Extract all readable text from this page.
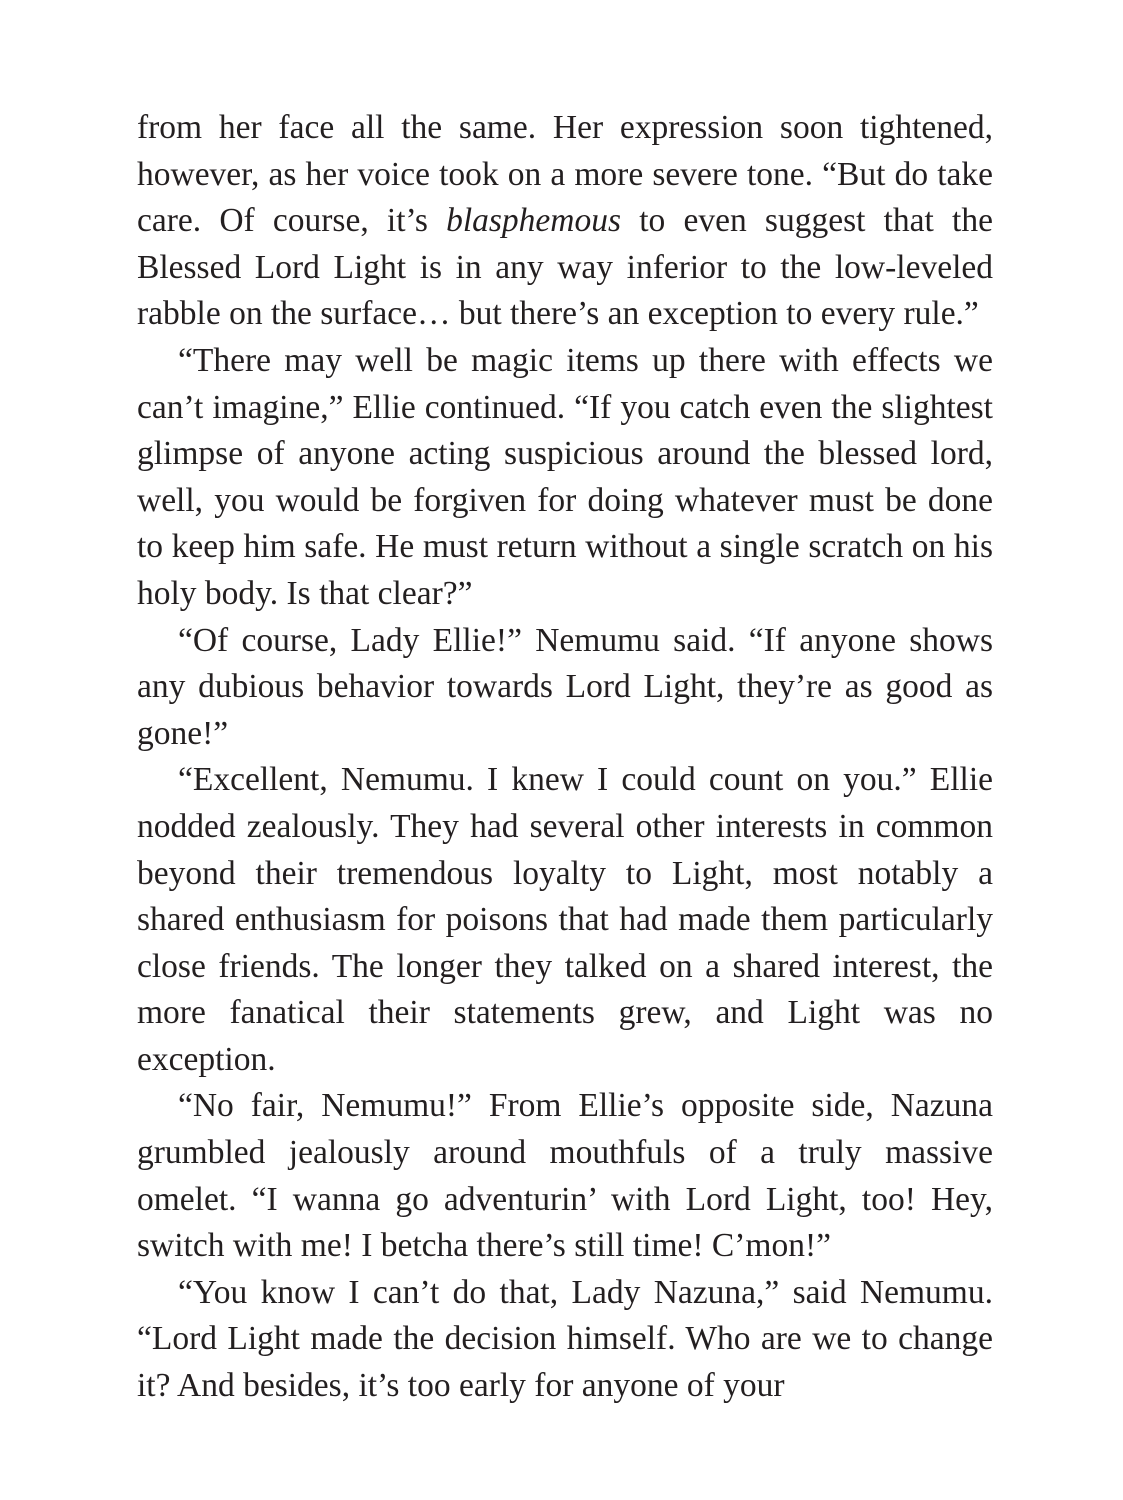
from her face all the same. Her expression soon tightened, however, as her voice took on a more severe tone. “But do take care. Of course, it’s blasphemous to even suggest that the Blessed Lord Light is in any way inferior to the low-leveled rabble on the surface… but there’s an exception to every rule.”

“There may well be magic items up there with effects we can’t imagine,” Ellie continued. “If you catch even the slightest glimpse of anyone acting suspicious around the blessed lord, well, you would be forgiven for doing whatever must be done to keep him safe. He must return without a single scratch on his holy body. Is that clear?”

“Of course, Lady Ellie!” Nemumu said. “If anyone shows any dubious behavior towards Lord Light, they’re as good as gone!”

“Excellent, Nemumu. I knew I could count on you.” Ellie nodded zealously. They had several other interests in common beyond their tremendous loyalty to Light, most notably a shared enthusiasm for poisons that had made them particularly close friends. The longer they talked on a shared interest, the more fanatical their statements grew, and Light was no exception.

“No fair, Nemumu!” From Ellie’s opposite side, Nazuna grumbled jealously around mouthfuls of a truly massive omelet. “I wanna go adventurin’ with Lord Light, too! Hey, switch with me! I betcha there’s still time! C’mon!”

“You know I can’t do that, Lady Nazuna,” said Nemumu. “Lord Light made the decision himself. Who are we to change it? And besides, it’s too early for anyone of your
